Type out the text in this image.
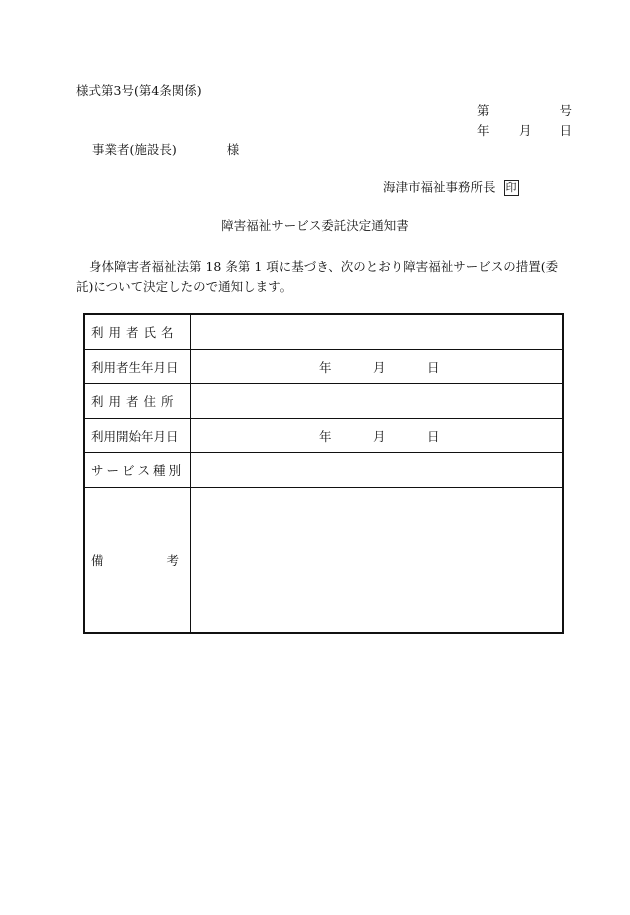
様式第3号(第4条関係)
第	号
年 月 日
事業者(施設長)	様
海津市福祉事務所長 印
障害福祉サービス委託決定通知書
身体障害者福祉法第 18 条第 1 項に基づき、次のとおり障害福祉サービスの措置(委託)について決定したので通知します。
利用者氏名
利用者生年月日	年	月	日
利用者住所
利用開始年月日	年	月	日
サービス種別
備	考
